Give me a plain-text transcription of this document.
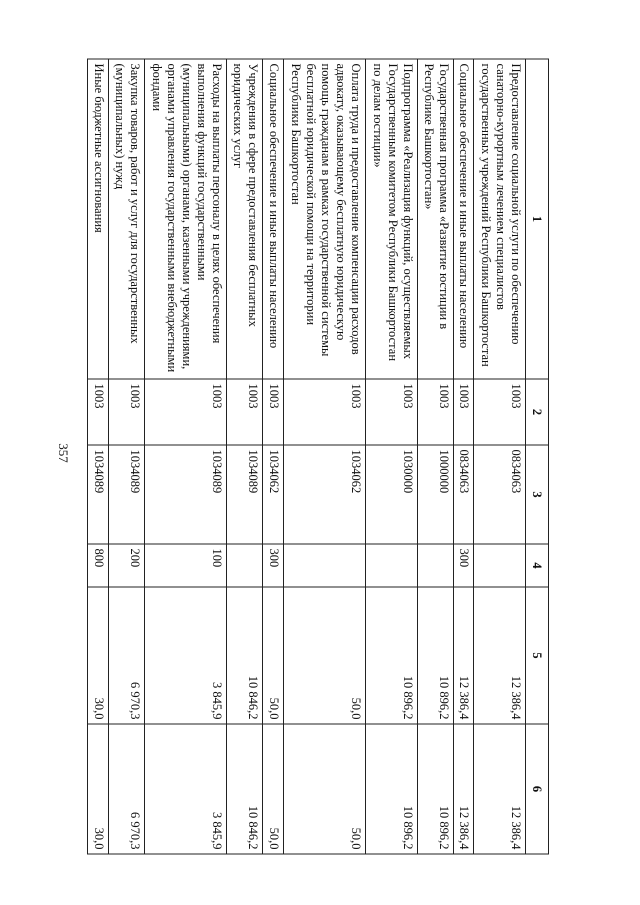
357
1	2	3	4	5	6
Предоставление социальной услуги по обеспечению санаторно-курортным лечением специалистов государственных учреждений Республики Башкортостан	1003	0834063		12 386,4	12 386,4
Социальное обеспечение и иные выплаты населению	1003	0834063	300	12 386,4	12 386,4
Государственная программа «Развитие юстиции в Республике Башкортостан»	1003	1000000		10 896,2	10 896,2
Подпрограмма «Реализация функций, осуществляемых Государственным комитетом Республики Башкортостан по делам юстиции»	1003	1030000		10 896,2	10 896,2
Оплата труда и предоставление компенсации расходов адвокату, оказывающему бесплатную юридическую помощь гражданам в рамках государственной системы бесплатной юридической помощи на территории Республики Башкортостан	1003	1034062		50,0	50,0
Социальное обеспечение и иные выплаты населению	1003	1034062	300	50,0	50,0
Учреждения в сфере предоставления бесплатных юридических услуг	1003	1034089		10 846,2	10 846,2
Расходы на выплаты персоналу в целях обеспечения выполнения функций государственными (муниципальными) органами, казенными учреждениями, органами управления государственными внебюджетными фондами	1003	1034089	100	3 845,9	3 845,9
Закупка товаров, работ и услуг для государственных (муниципальных) нужд	1003	1034089	200	6 970,3	6 970,3
Иные бюджетные ассигнования	1003	1034089	800	30,0	30,0
